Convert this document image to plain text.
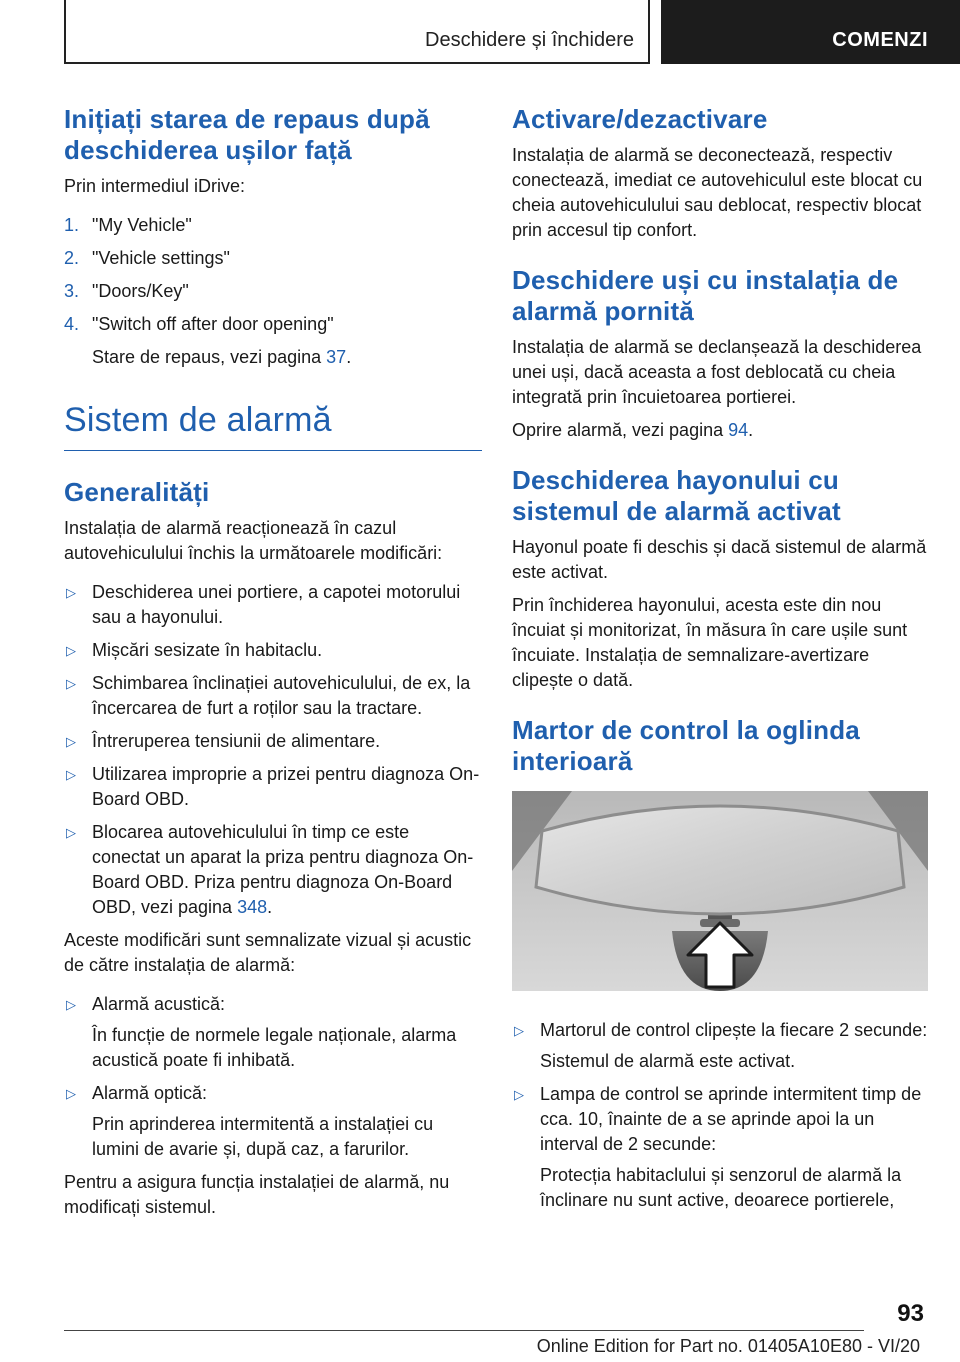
Deschidere și închidere	COMENZI
Inițiați starea de repaus după deschiderea ușilor față

Prin intermediul iDrive:

1. "My Vehicle"
2. "Vehicle settings"
3. "Doors/Key"
4. "Switch off after door opening"

Stare de repaus, vezi pagina 37.

Sistem de alarmă
Generalități

Instalația de alarmă reacționează în cazul autovehiculului închis la următoarele modificări:

▷ Deschiderea unei portiere, a capotei motorului sau a hayonului.
▷ Mișcări sesizate în habitaclu.
▷ Schimbarea înclinației autovehiculului, de ex, la încercarea de furt a roților sau la tractare.
▷ Întreruperea tensiunii de alimentare.
▷ Utilizarea improprie a prizei pentru diagnoza On-Board OBD.
▷ Blocarea autovehiculului în timp ce este conectat un aparat la priza pentru diagnoza On-Board OBD. Priza pentru diagnoza On-Board OBD, vezi pagina 348.

Aceste modificări sunt semnalizate vizual și acustic de către instalația de alarmă:

▷ Alarmă acustică:
În funcție de normele legale naționale, alarma acustică poate fi inhibată.
▷ Alarmă optică:
Prin aprinderea intermitentă a instalației cu lumini de avarie și, după caz, a farurilor.

Pentru a asigura funcția instalației de alarmă, nu modificați sistemul.

Activare/dezactivare

Instalația de alarmă se deconectează, respectiv conectează, imediat ce autovehiculul este blocat cu cheia autovehiculului sau deblocat, respectiv blocat prin accesul tip confort.

Deschidere uși cu instalația de alarmă pornită

Instalația de alarmă se declanșează la deschiderea unei uși, dacă aceasta a fost deblocată cu cheia integrată prin încuietoarea portierei.

Oprire alarmă, vezi pagina 94.

Deschiderea hayonului cu sistemul de alarmă activat

Hayonul poate fi deschis și dacă sistemul de alarmă este activat.

Prin închiderea hayonului, acesta este din nou încuiat și monitorizat, în măsura în care ușile sunt încuiate. Instalația de semnalizare-avertizare clipește o dată.

Martor de control la oglinda interioară
▷ Martorul de control clipește la fiecare 2 secunde:
Sistemul de alarmă este activat.
▷ Lampa de control se aprinde intermitent timp de cca. 10, înainte de a se aprinde apoi la un interval de 2 secunde:
Protecția habitaclului și senzorul de alarmă la înclinare nu sunt active, deoarece portierele,
93
Online Edition for Part no. 01405A10E80 - VI/20
